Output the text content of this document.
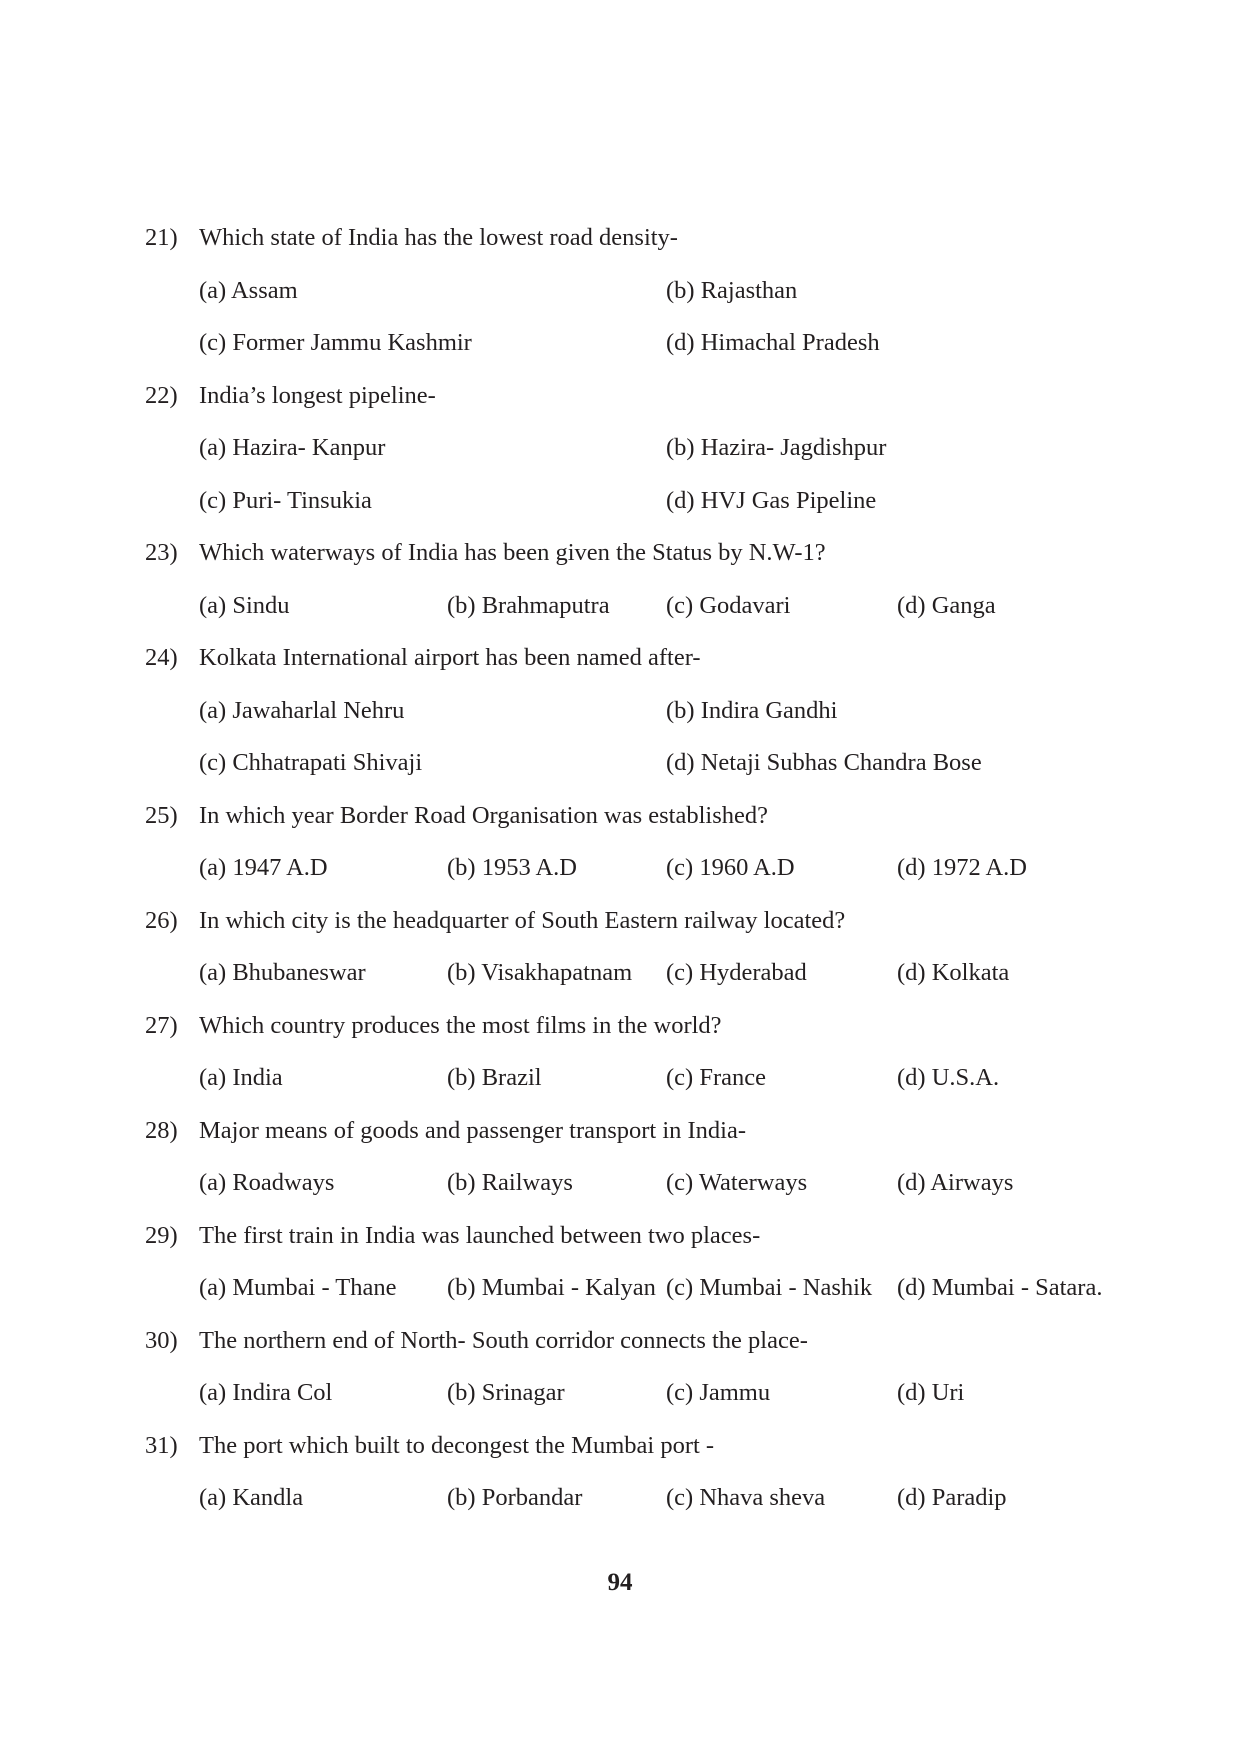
21) Which state of India has the lowest road density-
(a) Assam	(b) Rajasthan
(c) Former Jammu Kashmir	(d) Himachal Pradesh
22) India’s longest pipeline-
(a) Hazira- Kanpur	(b) Hazira- Jagdishpur
(c) Puri- Tinsukia	(d) HVJ Gas Pipeline
23) Which waterways of India has been given the Status by N.W-1?
(a) Sindu	(b) Brahmaputra (c) Godavari	(d) Ganga
24) Kolkata International airport has been named after-
(a) Jawaharlal Nehru	(b) Indira Gandhi
(c) Chhatrapati Shivaji	(d) Netaji Subhas Chandra Bose
25) In which year Border Road Organisation was established?
(a) 1947 A.D	(b) 1953 A.D	(c) 1960 A.D	(d) 1972 A.D
26) In which city is the headquarter of South Eastern railway located?
(a) Bhubaneswar	(b) Visakhapatnam (c) Hyderabad	(d) Kolkata
27) Which country produces the most films in the world?
(a) India	(b) Brazil	(c) France	(d) U.S.A.
28) Major means of goods and passenger transport in India-
(a) Roadways	(b) Railways	(c) Waterways	(d) Airways
29) The first train in India was launched between two places-
(a) Mumbai - Thane (b) Mumbai - Kalyan (c) Mumbai - Nashik (d) Mumbai - Satara.
30) The northern end of North- South corridor connects the place-
(a) Indira Col	(b) Srinagar	(c) Jammu	(d) Uri
31) The port which built to decongest the Mumbai port -
(a) Kandla	(b) Porbandar	(c) Nhava sheva	(d) Paradip
94
